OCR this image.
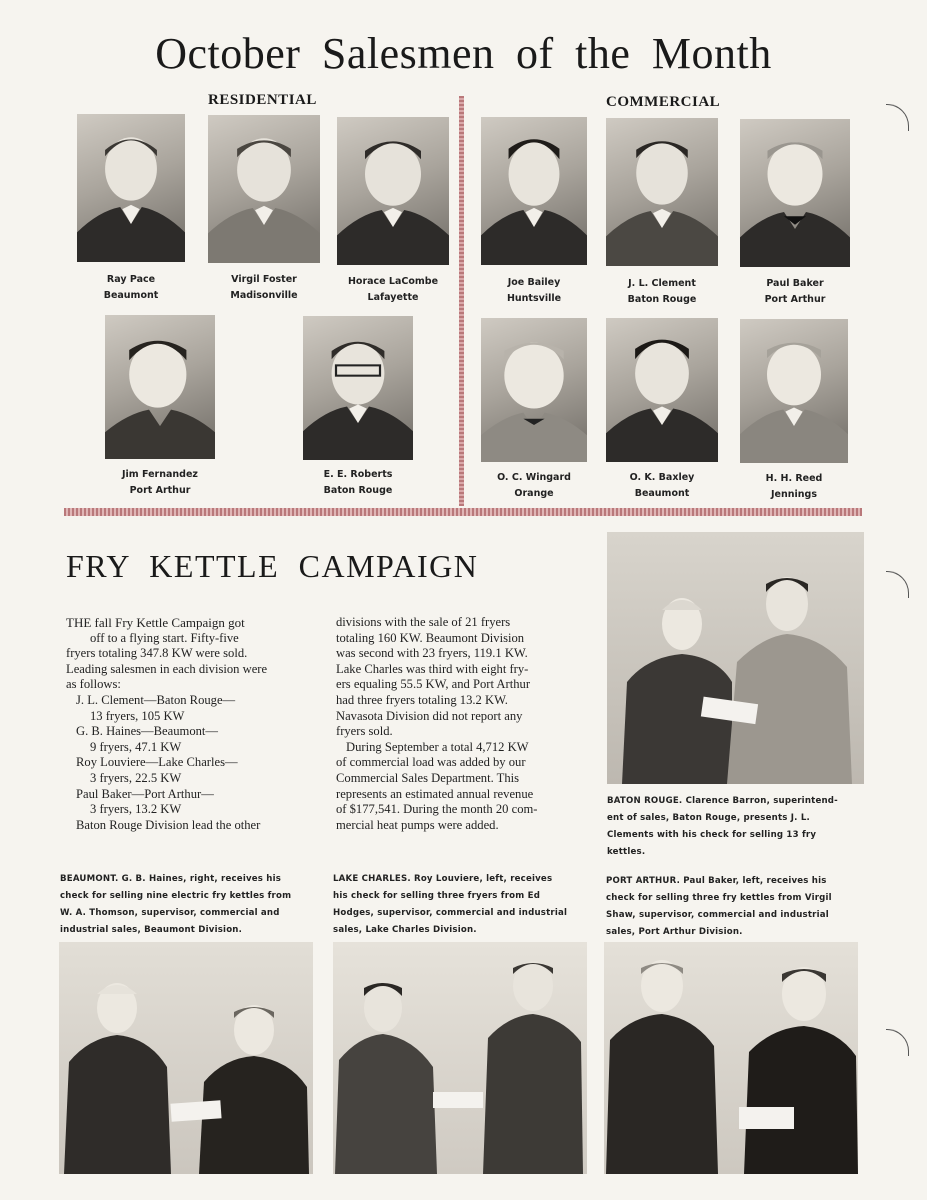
October Salesmen of the Month
RESIDENTIAL	COMMERCIAL
Ray Pace
Beaumont
Virgil Foster
Madisonville
Horace LaCombe
Lafayette
Jim Fernandez
Port Arthur
E. E. Roberts
Baton Rouge
Joe Bailey
Huntsville
J. L. Clement
Baton Rouge
Paul Baker
Port Arthur
O. C. Wingard
Orange
O. K. Baxley
Beaumont
H. H. Reed
Jennings
FRY KETTLE CAMPAIGN

THE fall Fry Kettle Campaign got

off to a flying start. Fifty-five

fryers totaling 347.8 KW were sold.

Leading salesmen in each division were

as follows:

J. L. Clement—Baton Rouge—

13 fryers, 105 KW

G. B. Haines—Beaumont—

9 fryers, 47.1 KW

Roy Louviere—Lake Charles—

3 fryers, 22.5 KW

Paul Baker—Port Arthur—

3 fryers, 13.2 KW

Baton Rouge Division lead the other

divisions with the sale of 21 fryers

totaling 160 KW. Beaumont Division

was second with 23 fryers, 119.1 KW.

Lake Charles was third with eight fry-

ers equaling 55.5 KW, and Port Arthur

had three fryers totaling 13.2 KW.

Navasota Division did not report any

fryers sold.

During September a total 4,712 KW

of commercial load was added by our

Commercial Sales Department. This

represents an estimated annual revenue

of $177,541. During the month 20 com-

mercial heat pumps were added.

BATON ROUGE. Clarence Barron, superintend-
ent of sales, Baton Rouge, presents J. L.
Clements with his check for selling 13 fry
kettles.
BEAUMONT. G. B. Haines, right, receives his
check for selling nine electric fry kettles from
W. A. Thomson, supervisor, commercial and
industrial sales, Beaumont Division.
LAKE CHARLES. Roy Louviere, left, receives
his check for selling three fryers from Ed
Hodges, supervisor, commercial and industrial
sales, Lake Charles Division.
PORT ARTHUR. Paul Baker, left, receives his
check for selling three fry kettles from Virgil
Shaw, supervisor, commercial and industrial
sales, Port Arthur Division.
